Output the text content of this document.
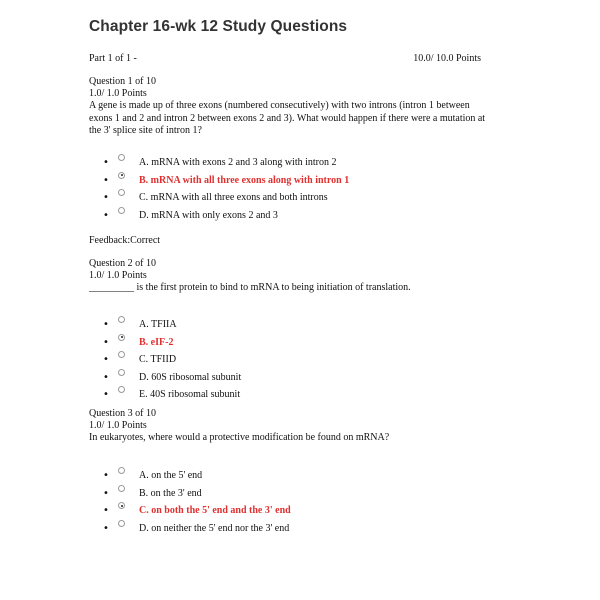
Chapter 16-wk 12 Study Questions
Part 1 of 1 -	10.0/ 10.0 Points
Question 1 of 10
1.0/ 1.0 Points
A gene is made up of three exons (numbered consecutively) with two introns (intron 1 between exons 1 and 2 and intron 2 between exons 2 and 3). What would happen if there were a mutation at the 3' splice site of intron 1?
•	A. mRNA with exons 2 and 3 along with intron 2
•	B. mRNA with all three exons along with intron 1
•	C. mRNA with all three exons and both introns
•	D. mRNA with only exons 2 and 3
Feedback:Correct
Question 2 of 10
1.0/ 1.0 Points
_________ is the first protein to bind to mRNA to being initiation of translation.
•	A. TFIIA
•	B. eIF-2
•	C. TFIID
•	D. 60S ribosomal subunit
•	E. 40S ribosomal subunit
Question 3 of 10
1.0/ 1.0 Points
In eukaryotes, where would a protective modification be found on mRNA?
•	A. on the 5' end
•	B. on the 3' end
•	C. on both the 5' end and the 3' end
•	D. on neither the 5' end nor the 3' end
